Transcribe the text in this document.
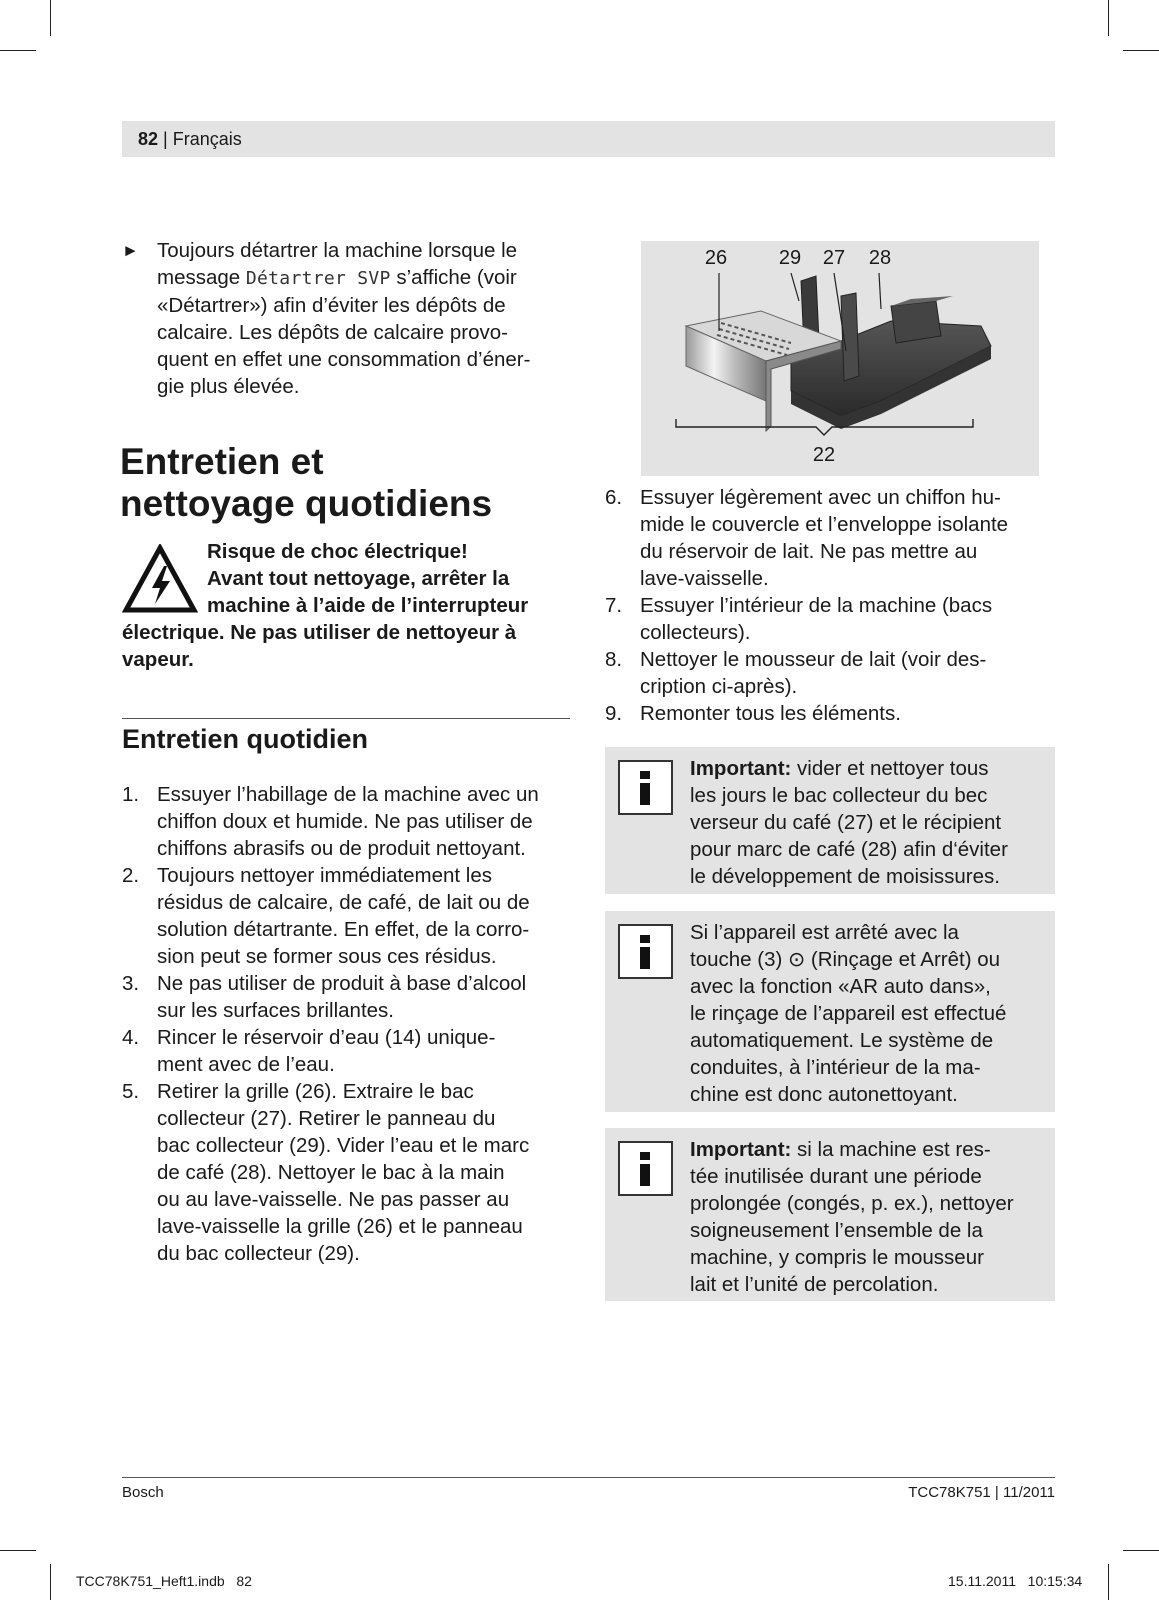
82 | Français
► Toujours détartrer la machine lorsque le
message Détartrer SVP s’affiche (voir
«Détartrer») afin d’éviter les dépôts de
calcaire. Les dépôts de calcaire provo-
quent en effet une consommation d’éner-
gie plus élevée.
Entretien et
nettoyage quotidiens
Risque de choc électrique!
Avant tout nettoyage, arrêter la
machine à l’aide de l’interrupteur
électrique. Ne pas utiliser de nettoyeur à
vapeur.
Entretien quotidien
1. Essuyer l’habillage de la machine avec un
chiffon doux et humide. Ne pas utiliser de
chiffons abrasifs ou de produit nettoyant.
2. Toujours nettoyer immédiatement les
résidus de calcaire, de café, de lait ou de
solution détartrante. En effet, de la corro-
sion peut se former sous ces résidus.
3. Ne pas utiliser de produit à base d’alcool
sur les surfaces brillantes.
4. Rincer le réservoir d’eau (14) unique-
ment avec de l’eau.
5. Retirer la grille (26). Extraire le bac
collecteur (27). Retirer le panneau du
bac collecteur (29). Vider l’eau et le marc
de café (28). Nettoyer le bac à la main
ou au lave-vaisselle. Ne pas passer au
lave-vaisselle la grille (26) et le panneau
du bac collecteur (29).
26	29 27 28
22
6. Essuyer légèrement avec un chiffon hu-
mide le couvercle et l’enveloppe isolante
du réservoir de lait. Ne pas mettre au
lave-vaisselle.
7. Essuyer l’intérieur de la machine (bacs
collecteurs).
8. Nettoyer le mousseur de lait (voir des-
cription ci-après).
9. Remonter tous les éléments.
Important: vider et nettoyer tous
les jours le bac collecteur du bec
verseur du café (27) et le récipient
pour marc de café (28) afin d‘éviter
le développement de moisissures.
Si l’appareil est arrêté avec la
touche (3) ⊙ (Rinçage et Arrêt) ou
avec la fonction «AR auto dans»,
le rinçage de l’appareil est effectué
automatiquement. Le système de
conduites, à l’intérieur de la ma-
chine est donc autonettoyant.
Important: si la machine est res-
tée inutilisée durant une période
prolongée (congés, p. ex.), nettoyer
soigneusement l’ensemble de la
machine, y compris le mousseur
lait et l’unité de percolation.
Bosch	TCC78K751 | 11/2011
TCC78K751_Heft1.indb   82	15.11.2011   10:15:34
